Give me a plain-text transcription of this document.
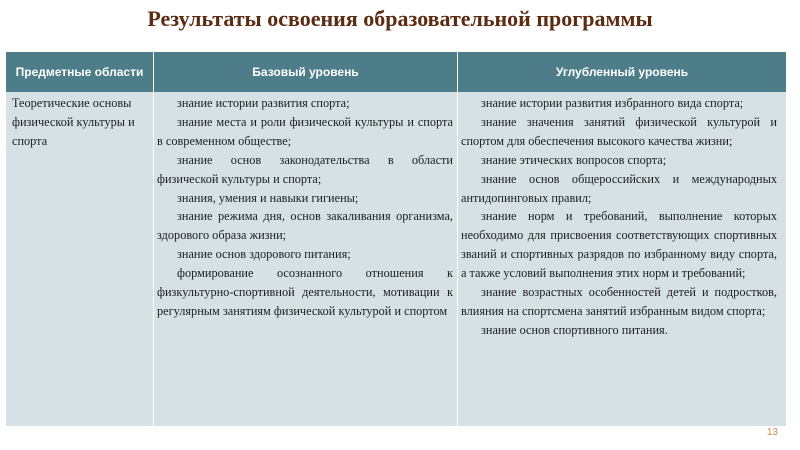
Результаты освоения образовательной программы
Предметные области	Базовый уровень	Углубленный уровень
Теоретические основы физической культуры и спорта

знание истории развития спорта;

знание места и роли физической культуры и спорта в современном обществе;

знание основ законодательства в области физической культуры и спорта;

знания, умения и навыки гигиены;

знание режима дня, основ закаливания организма, здорового образа жизни;

знание основ здорового питания;

формирование осознанного отношения к физкультурно-спортивной деятельности, мотивации к регулярным занятиям физической культурой и спортом

знание истории развития избранного вида спорта;

знание значения занятий физической культурой и спортом для обеспечения высокого качества жизни;

знание этических вопросов спорта;

знание основ общероссийских и международных антидопинговых правил;

знание норм и требований, выполнение которых необходимо для присвоения соответствующих спортивных званий и спортивных разрядов по избранному виду спорта, а также условий выполнения этих норм и требований;

знание возрастных особенностей детей и подростков, влияния на спортсмена занятий избранным видом спорта;

знание основ спортивного питания.

13
